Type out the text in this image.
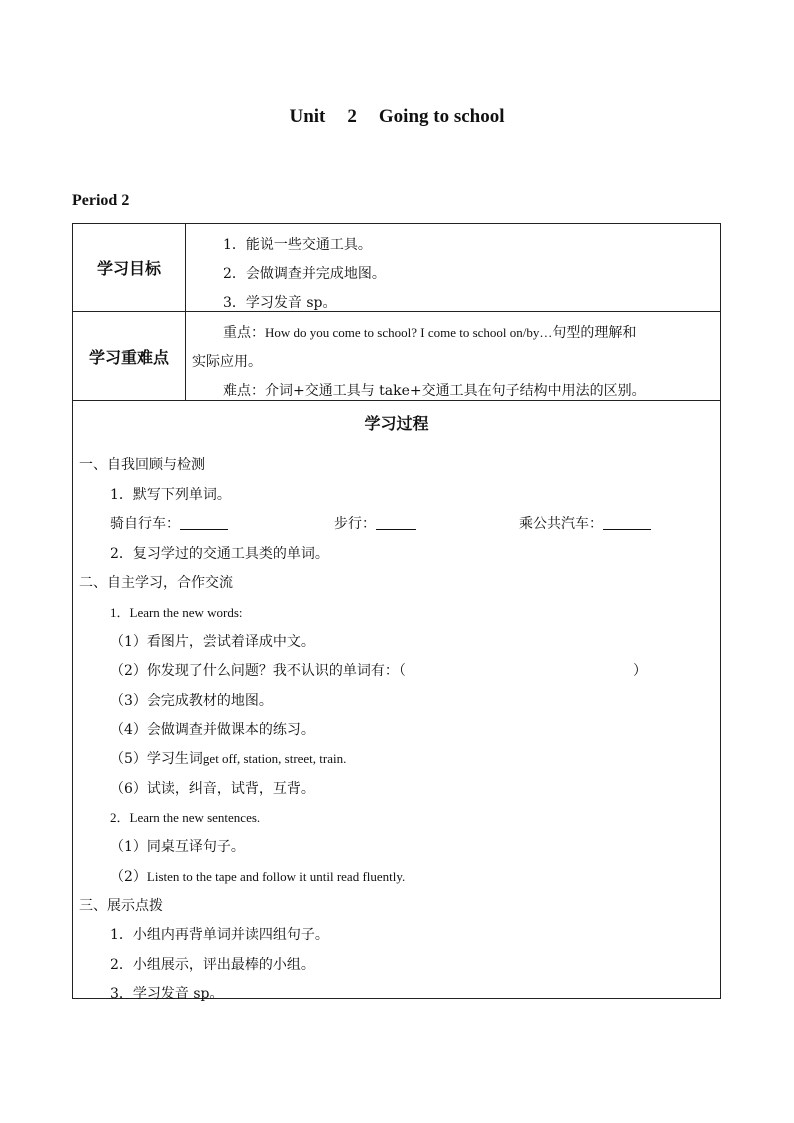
Unit 2 Going to school
Period 2
学习目标
1．能说一些交通工具。
2．会做调查并完成地图。
3．学习发音 sp。
学习重难点
重点：How do you come to school? I come to school on/by…句型的理解和
实际应用。
难点：介词+交通工具与 take+交通工具在句子结构中用法的区别。
学习过程
一、自我回顾与检测
1．默写下列单词。
骑自行车：	步行：	乘公共汽车：
2．复习学过的交通工具类的单词。
二、自主学习，合作交流
1．Learn the new words:
（1）看图片，尝试着译成中文。
（2）你发现了什么问题？我不认识的单词有：（	）
（3）会完成教材的地图。
（4）会做调查并做课本的练习。
（5）学习生词get off, station, street, train.
（6）试读，纠音，试背，互背。
2．Learn the new sentences.
（1）同桌互译句子。
（2）Listen to the tape and follow it until read fluently.
三、展示点拨
1．小组内再背单词并读四组句子。
2．小组展示，评出最棒的小组。
3．学习发音 sp。
